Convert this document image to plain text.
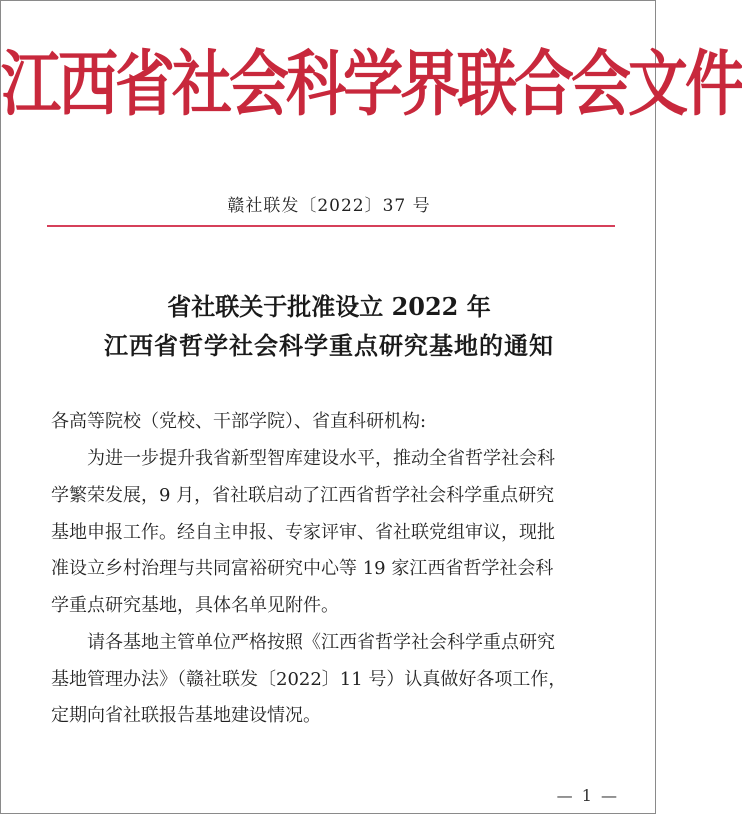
江西省社会科学界联合会文件
赣社联发〔2022〕37 号
省社联关于批准设立 2022 年
江西省哲学社会科学重点研究基地的通知
各高等院校（党校、干部学院）、省直科研机构:
为进一步提升我省新型智库建设水平，推动全省哲学社会科
学繁荣发展，9 月，省社联启动了江西省哲学社会科学重点研究
基地申报工作。经自主申报、专家评审、省社联党组审议，现批
准设立乡村治理与共同富裕研究中心等 19 家江西省哲学社会科
学重点研究基地，具体名单见附件。
请各基地主管单位严格按照《江西省哲学社会科学重点研究
基地管理办法》（赣社联发〔2022〕11 号）认真做好各项工作，
定期向省社联报告基地建设情况。
— 1 —
